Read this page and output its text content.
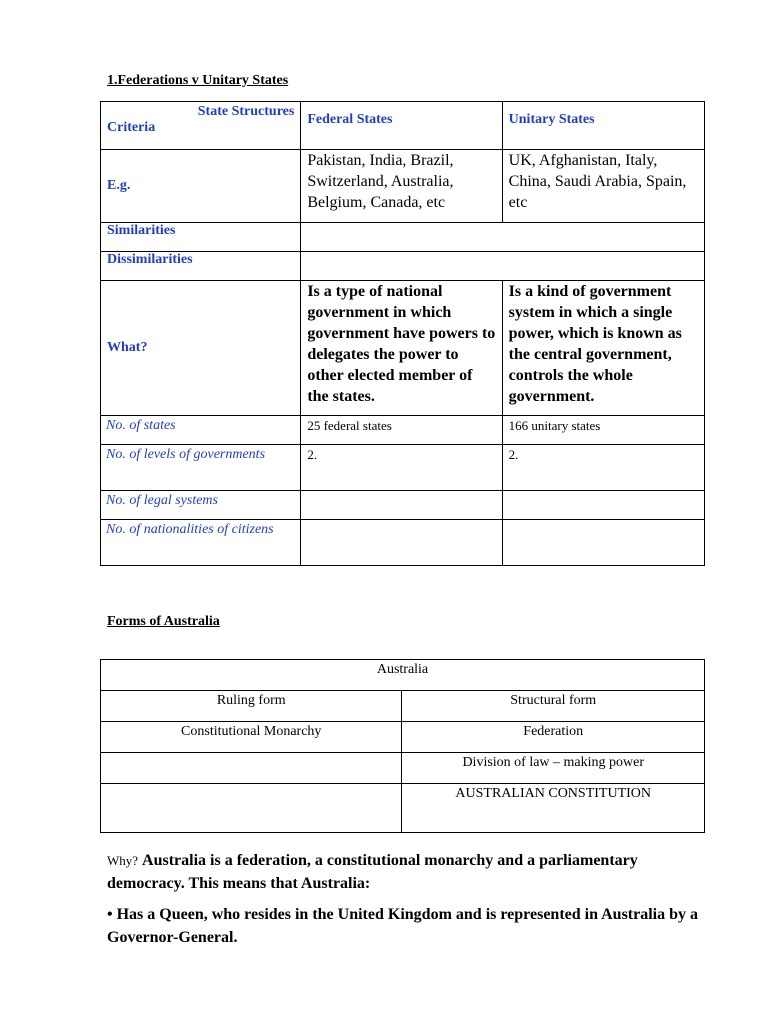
1.Federations v Unitary States
State Structures
Criteria	Federal States	Unitary States
E.g.	Pakistan, India, Brazil, Switzerland, Australia, Belgium, Canada, etc	UK, Afghanistan, Italy, China, Saudi Arabia, Spain, etc
Similarities		
Dissimilarities		
What?	Is a type of national government in which government have powers to delegates the power to other elected member of the states.	Is a kind of government system in which a single power, which is known as the central government, controls the whole government.
No. of states	25 federal states	166 unitary states
No. of levels of governments	2.	2.
No. of legal systems		
No. of nationalities of citizens		
Forms of Australia
Australia	
Ruling form	Structural form
Constitutional Monarchy	Federation
	Division of law – making power
	AUSTRALIAN CONSTITUTION
Why? Australia is a federation, a constitutional monarchy and a parliamentary democracy. This means that Australia:
• Has a Queen, who resides in the United Kingdom and is represented in Australia by a Governor-General.
